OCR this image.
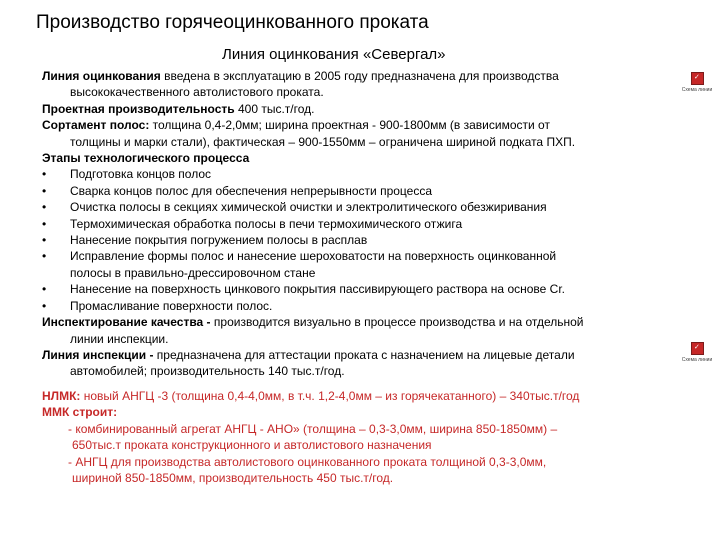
Производство горячеоцинкованного проката
Линия оцинкования «Севергал»

Линия оцинкования введена в эксплуатацию в 2005 году предназначена для производства

высококачественного автолистового проката.

Проектная производительность 400 тыс.т/год.

Сортамент полос: толщина 0,4-2,0мм; ширина проектная - 900-1800мм (в зависимости от

толщины и марки стали), фактическая – 900-1550мм – ограничена шириной подката ПХП.

Этапы технологического процесса

• Подготовка концов полос
• Сварка концов полос для обеспечения непрерывности процесса
• Очистка полосы в секциях химической очистки и электролитического обезжиривания
• Термохимическая обработка полосы в печи термохимического отжига
• Нанесение покрытия погружением полосы в расплав
• Исправление формы полос и нанесение шероховатости на поверхность оцинкованной
полосы в правильно-дрессировочном стане
• Нанесение на поверхность цинкового покрытия пассивирующего раствора на основе Cr.
• Промасливание поверхности полос.

Инспектирование качества - производится визуально в процессе производства и на отдельной

линии инспекции.

Линия инспекции - предназначена для аттестации проката с назначением на лицевые детали

автомобилей; производительность 140 тыс.т/год.

НЛМК: новый АНГЦ -3 (толщина 0,4-4,0мм, в т.ч. 1,2-4,0мм – из горячекатанного) – 340тыс.т/год

ММК строит:

- комбинированный агрегат АНГЦ - АНО» (толщина – 0,3-3,0мм, ширина 850-1850мм) –

650тыс.т проката конструкционного и автолистового назначения

- АНГЦ для производства автолистового оцинкованного проката толщиной 0,3-3,0мм,

шириной 850-1850мм, производительность 450 тыс.т/год.

✓
Схема линии
✓
Схема линии
